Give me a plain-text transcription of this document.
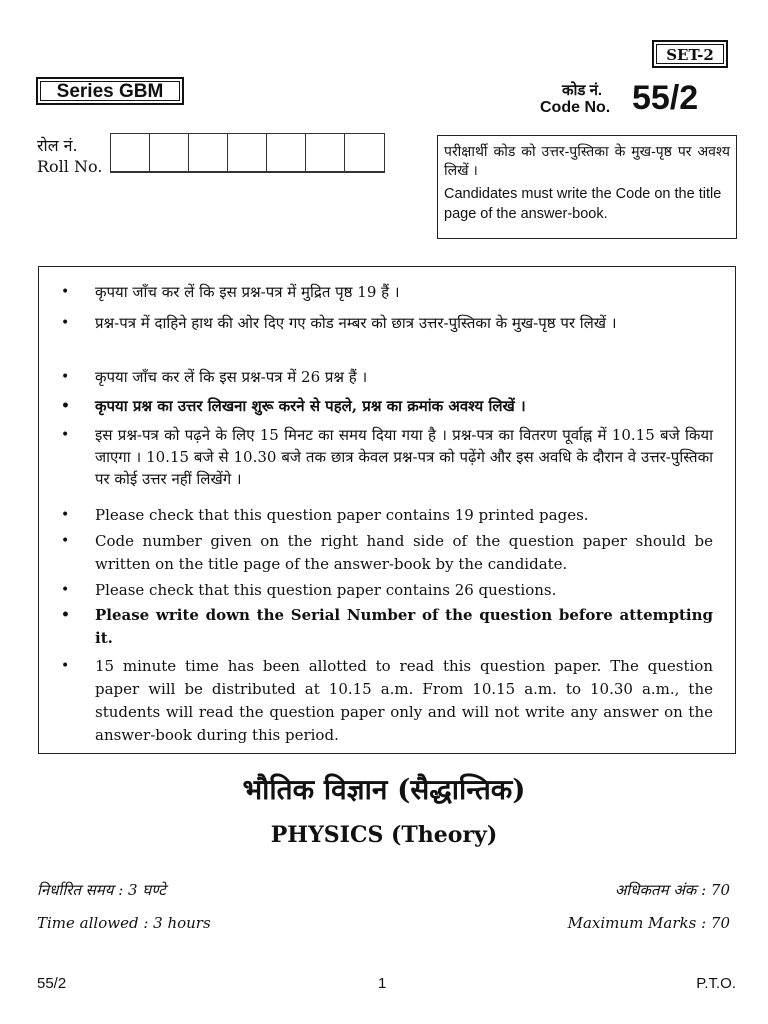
SET-2
Series GBM	कोड नं.
Code No. 55/2
रोल नं.
Roll No.
परीक्षार्थी कोड को उत्तर-पुस्तिका के मुख-पृष्ठ पर अवश्य लिखें ।
Candidates must write the Code on the title page of the answer-book.
• कृपया जाँच कर लें कि इस प्रश्न-पत्र में मुद्रित पृष्ठ 19 हैं ।
• प्रश्न-पत्र में दाहिने हाथ की ओर दिए गए कोड नम्बर को छात्र उत्तर-पुस्तिका के मुख-पृष्ठ पर लिखें ।
• कृपया जाँच कर लें कि इस प्रश्न-पत्र में 26 प्रश्न हैं ।
• कृपया प्रश्न का उत्तर लिखना शुरू करने से पहले, प्रश्न का क्रमांक अवश्य लिखें ।
• इस प्रश्न-पत्र को पढ़ने के लिए 15 मिनट का समय दिया गया है । प्रश्न-पत्र का वितरण पूर्वाह्न में 10.15 बजे किया जाएगा । 10.15 बजे से 10.30 बजे तक छात्र केवल प्रश्न-पत्र को पढ़ेंगे और इस अवधि के दौरान वे उत्तर-पुस्तिका पर कोई उत्तर नहीं लिखेंगे ।
• Please check that this question paper contains 19 printed pages.
• Code number given on the right hand side of the question paper should be written on the title page of the answer-book by the candidate.
• Please check that this question paper contains 26 questions.
• Please write down the Serial Number of the question before attempting it.
• 15 minute time has been allotted to read this question paper. The question paper will be distributed at 10.15 a.m. From 10.15 a.m. to 10.30 a.m., the students will read the question paper only and will not write any answer on the answer-book during this period.
भौतिक विज्ञान (सैद्धान्तिक)
PHYSICS (Theory)
निर्धारित समय : 3 घण्टे
Time allowed : 3 hours
अधिकतम अंक : 70
Maximum Marks : 70
55/2	1	P.T.O.
